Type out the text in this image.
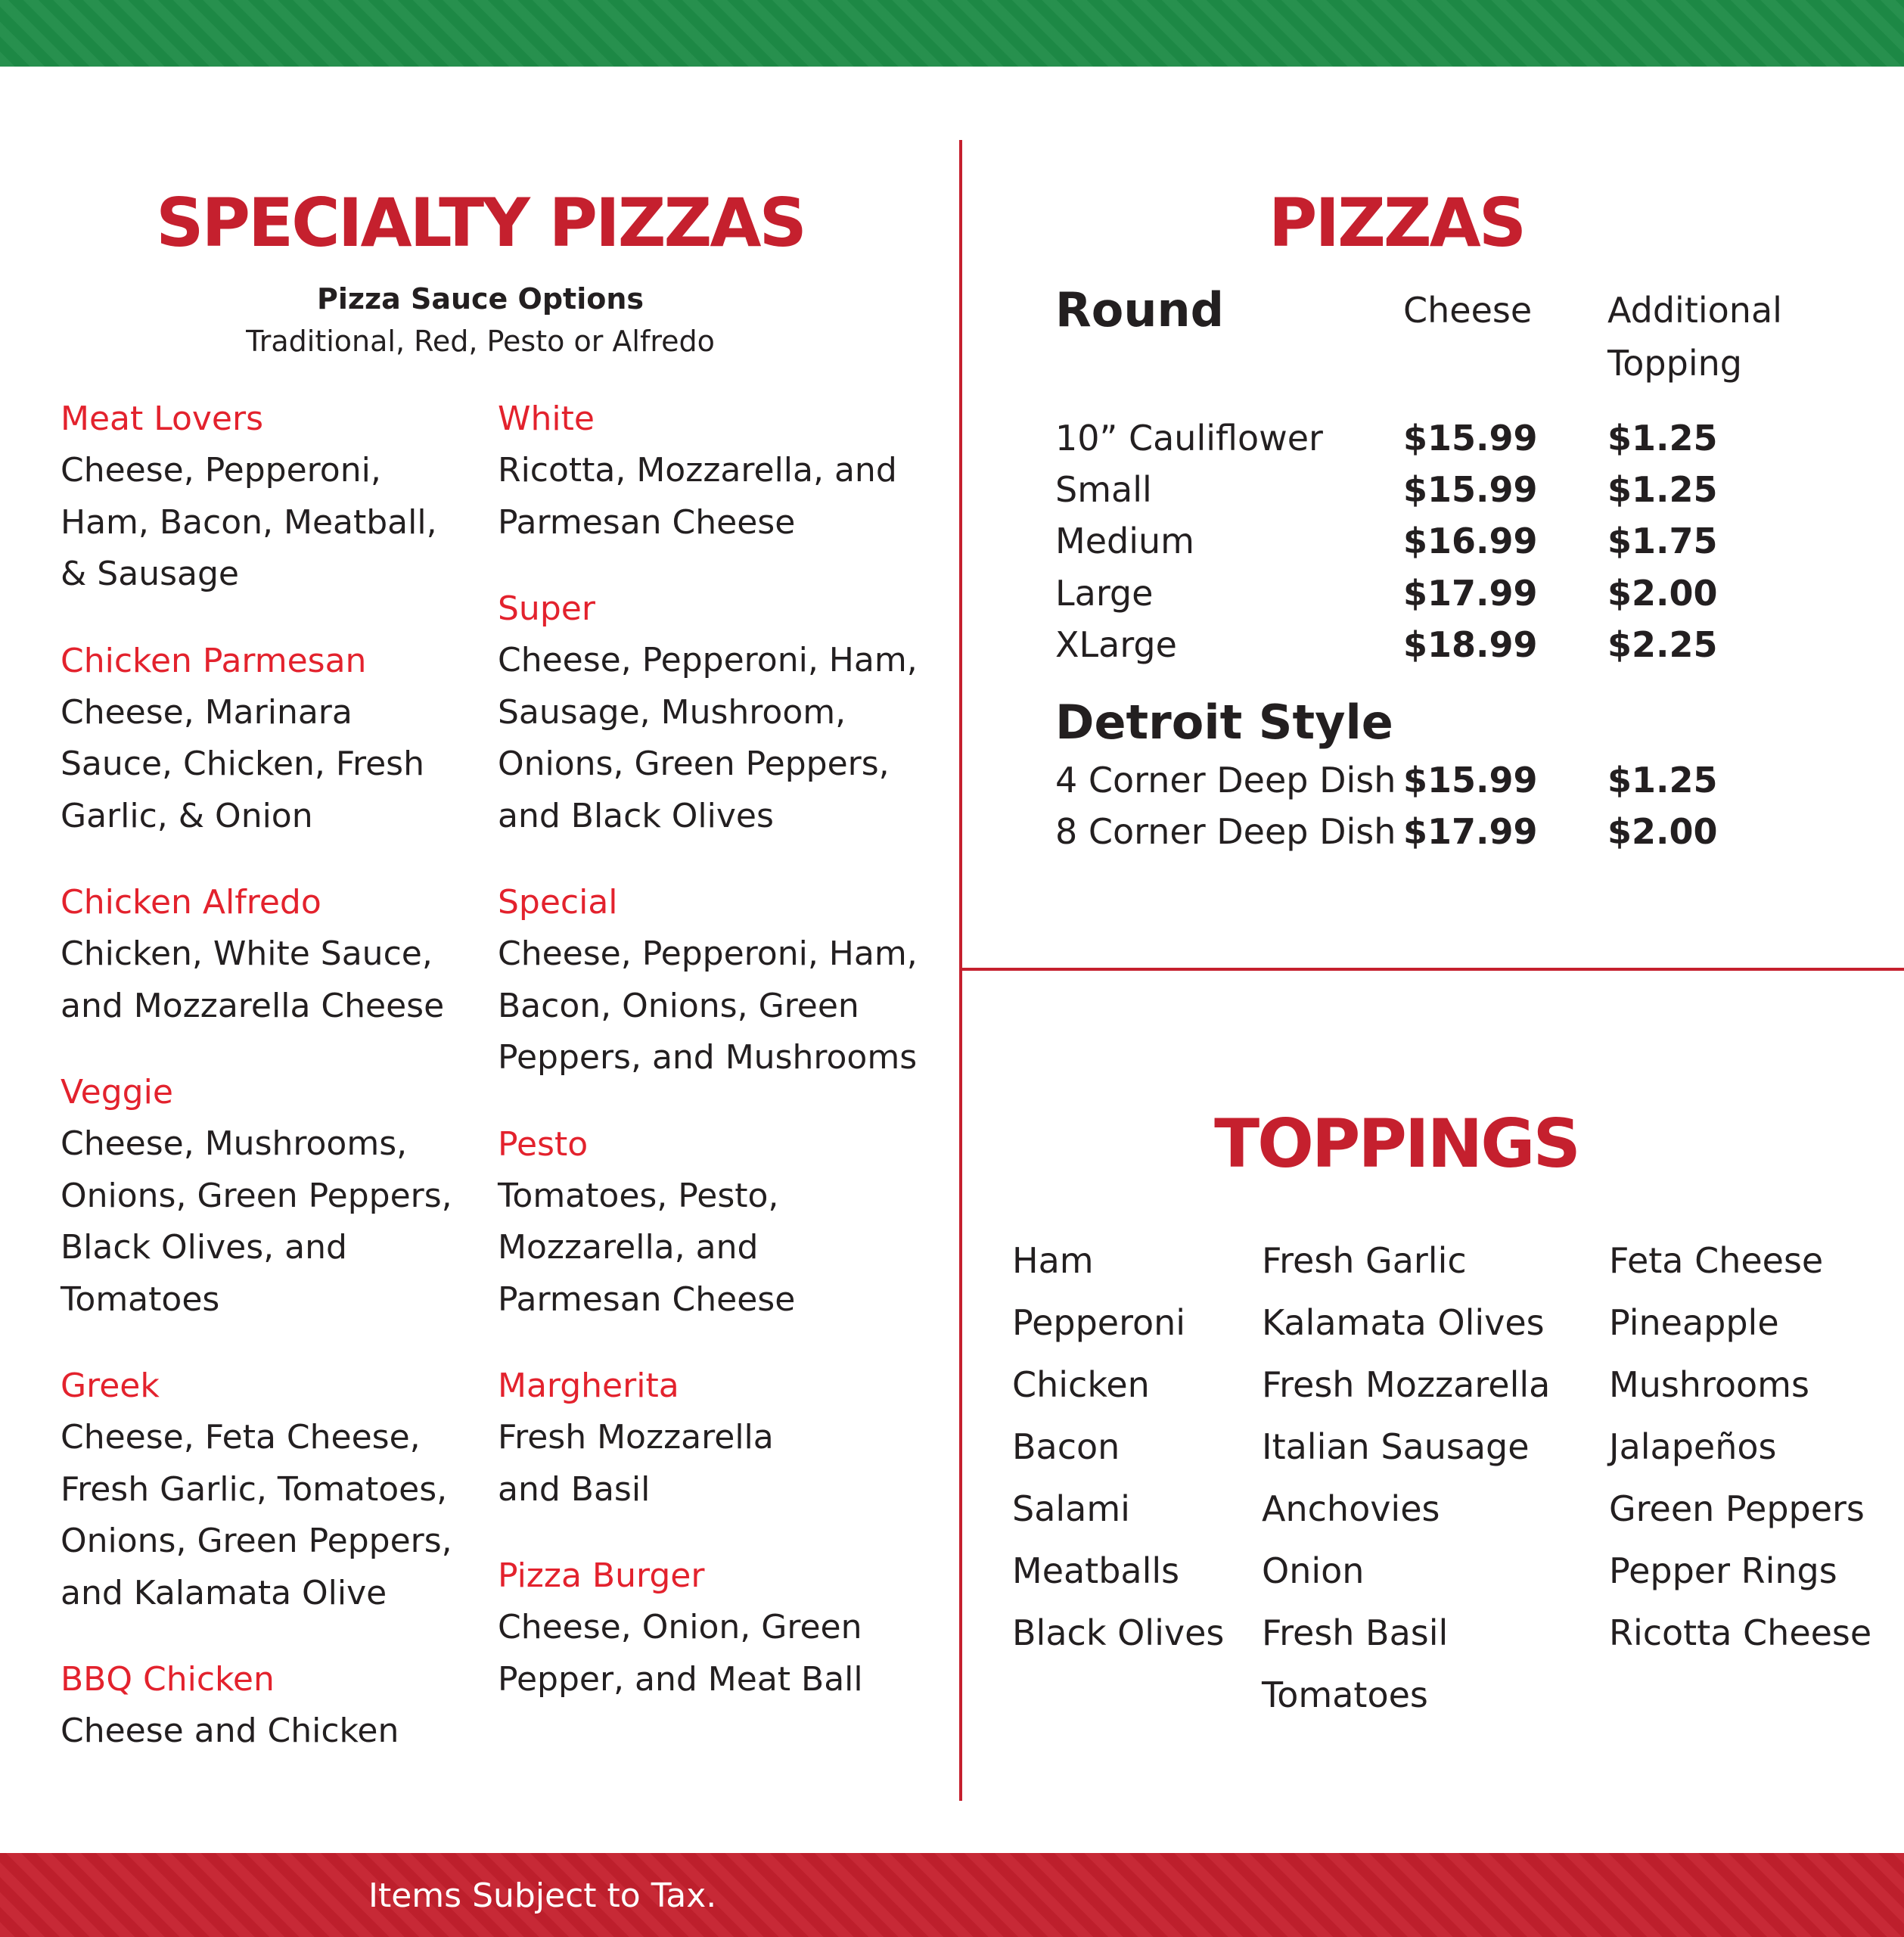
SPECIALTY PIZZAS
Pizza Sauce Options
Traditional, Red, Pesto or Alfredo
Meat Lovers
Cheese, Pepperoni,
Ham, Bacon, Meatball,
& Sausage
Chicken Parmesan
Cheese, Marinara
Sauce, Chicken, Fresh
Garlic, & Onion
Chicken Alfredo
Chicken, White Sauce,
and Mozzarella Cheese
Veggie
Cheese, Mushrooms,
Onions, Green Peppers,
Black Olives, and
Tomatoes
Greek
Cheese, Feta Cheese,
Fresh Garlic, Tomatoes,
Onions, Green Peppers,
and Kalamata Olive
BBQ Chicken
Cheese and Chicken
White
Ricotta, Mozzarella, and
Parmesan Cheese
Super
Cheese, Pepperoni, Ham,
Sausage, Mushroom,
Onions, Green Peppers,
and Black Olives
Special
Cheese, Pepperoni, Ham,
Bacon, Onions, Green
Peppers, and Mushrooms
Pesto
Tomatoes, Pesto,
Mozzarella, and
Parmesan Cheese
Margherita
Fresh Mozzarella
and Basil
Pizza Burger
Cheese, Onion, Green
Pepper, and Meat Ball
PIZZAS
Round	Cheese Additional
Topping
10” Cauliflower $15.99 $1.25
Small	$15.99 $1.25
Medium	$16.99 $1.75
Large	$17.99 $2.00
XLarge	$18.99 $2.25
Detroit Style
4 Corner Deep Dish $15.99 $1.25
8 Corner Deep Dish $17.99 $2.00
TOPPINGS
Ham
Pepperoni
Chicken
Bacon
Salami
Meatballs
Black Olives
Fresh Garlic
Kalamata Olives
Fresh Mozzarella
Italian Sausage
Anchovies
Onion
Fresh Basil
Tomatoes
Feta Cheese
Pineapple
Mushrooms
Jalapeños
Green Peppers
Pepper Rings
Ricotta Cheese
Items Subject to Tax.
